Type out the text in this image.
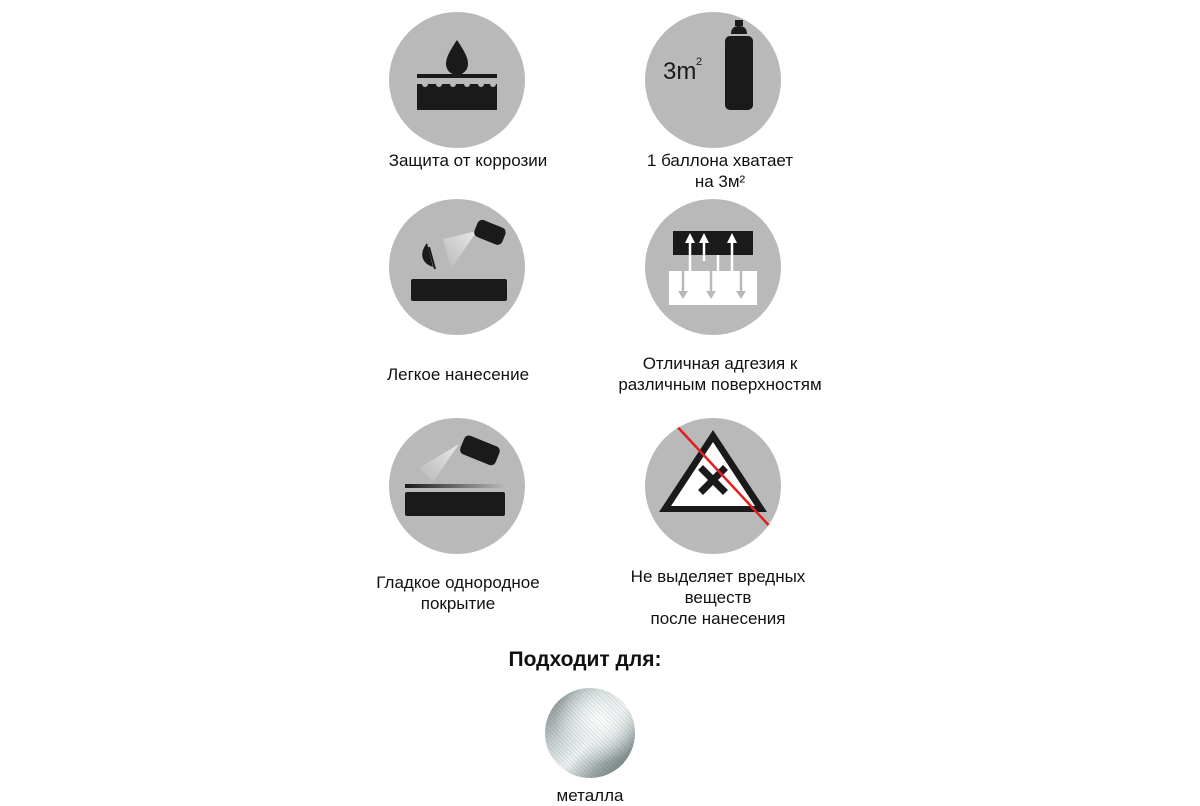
Защита от коррозии
3m 2
1 баллона хватает
на 3м²
Легкое нанесение
Отличная адгезия к
различным поверхностям
Гладкое однородное
покрытие
Не выделяет вредных
веществ
после нанесения
Подходит для:
металла
